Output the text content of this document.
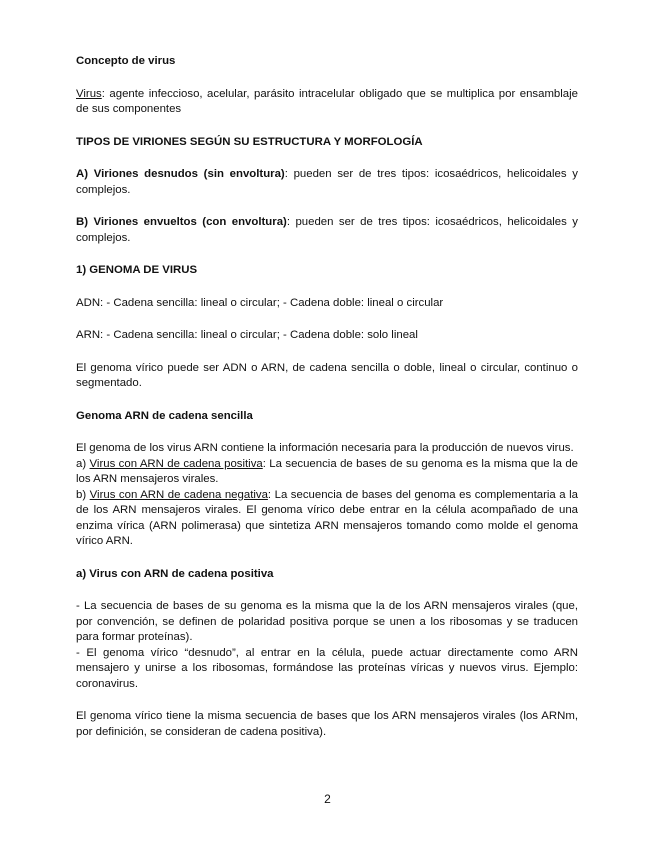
Concepto de virus

Virus: agente infeccioso, acelular, parásito intracelular obligado que se multiplica por ensamblaje de sus componentes

TIPOS DE VIRIONES SEGÚN SU ESTRUCTURA Y MORFOLOGÍA

A) Viriones desnudos (sin envoltura): pueden ser de tres tipos: icosaédricos, helicoidales y complejos.

B) Viriones envueltos (con envoltura): pueden ser de tres tipos: icosaédricos, helicoidales y complejos.

1) GENOMA DE VIRUS

ADN: - Cadena sencilla: lineal o circular; - Cadena doble: lineal o circular

ARN: - Cadena sencilla: lineal o circular; - Cadena doble: solo lineal

El genoma vírico puede ser ADN o ARN, de cadena sencilla o doble, lineal o circular, continuo o segmentado.

Genoma ARN de cadena sencilla

El genoma de los virus ARN contiene la información necesaria para la producción de nuevos virus.

a) Virus con ARN de cadena positiva: La secuencia de bases de su genoma es la misma que la de los ARN mensajeros virales.

b) Virus con ARN de cadena negativa: La secuencia de bases del genoma es complementaria a la de los ARN mensajeros virales. El genoma vírico debe entrar en la célula acompañado de una enzima vírica (ARN polimerasa) que sintetiza ARN mensajeros tomando como molde el genoma vírico ARN.

a) Virus con ARN de cadena positiva

- La secuencia de bases de su genoma es la misma que la de los ARN mensajeros virales (que, por convención, se definen de polaridad positiva porque se unen a los ribosomas y se traducen para formar proteínas).

- El genoma vírico “desnudo”, al entrar en la célula, puede actuar directamente como ARN mensajero y unirse a los ribosomas, formándose las proteínas víricas y nuevos virus. Ejemplo: coronavirus.

El genoma vírico tiene la misma secuencia de bases que los ARN mensajeros virales (los ARNm, por definición, se consideran de cadena positiva).

2
